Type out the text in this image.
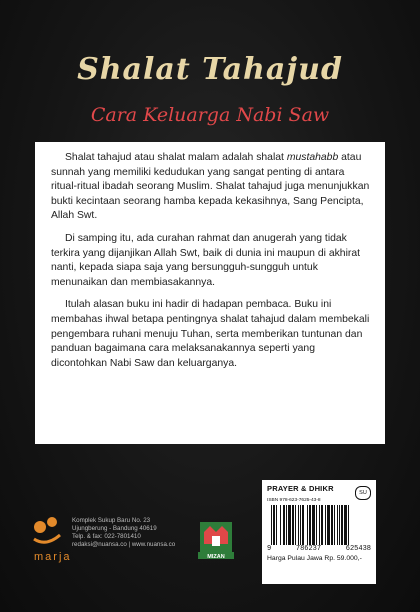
Shalat Tahajud
Cara Keluarga Nabi Saw

Shalat tahajud atau shalat malam adalah shalat mustahabb atau sunnah yang memiliki kedudukan yang sangat penting di antara ritual-ritual ibadah seorang Muslim. Shalat tahajud juga menunjukkan bukti kecintaan seorang hamba kepada kekasihnya, Sang Pencipta, Allah Swt.

Di samping itu, ada curahan rahmat dan anugerah yang tidak terkira yang dijanjikan Allah Swt, baik di dunia ini maupun di akhirat nanti, kepada siapa saja yang bersungguh-sungguh untuk menunaikan dan membiasakannya.

Itulah alasan buku ini hadir di hadapan pembaca. Buku ini membahas ihwal betapa pentingnya shalat tahajud dalam membekali pengembara ruhani menuju Tuhan, serta memberikan tuntunan dan panduan bagaimana cara melaksanakannya seperti yang dicontohkan Nabi Saw dan keluarganya.

marja
Komplek Sukup Baru No. 23
Ujungberung - Bandung 40619
Telp. & fax: 022-7801410
redaksi@nuansa.co | www.nuansa.co
MIZAN
PRAYER & DHIKR	SU
ISBN 978-623-7625-43-8
9	786237	625438
Harga Pulau Jawa Rp. 59.000,-
